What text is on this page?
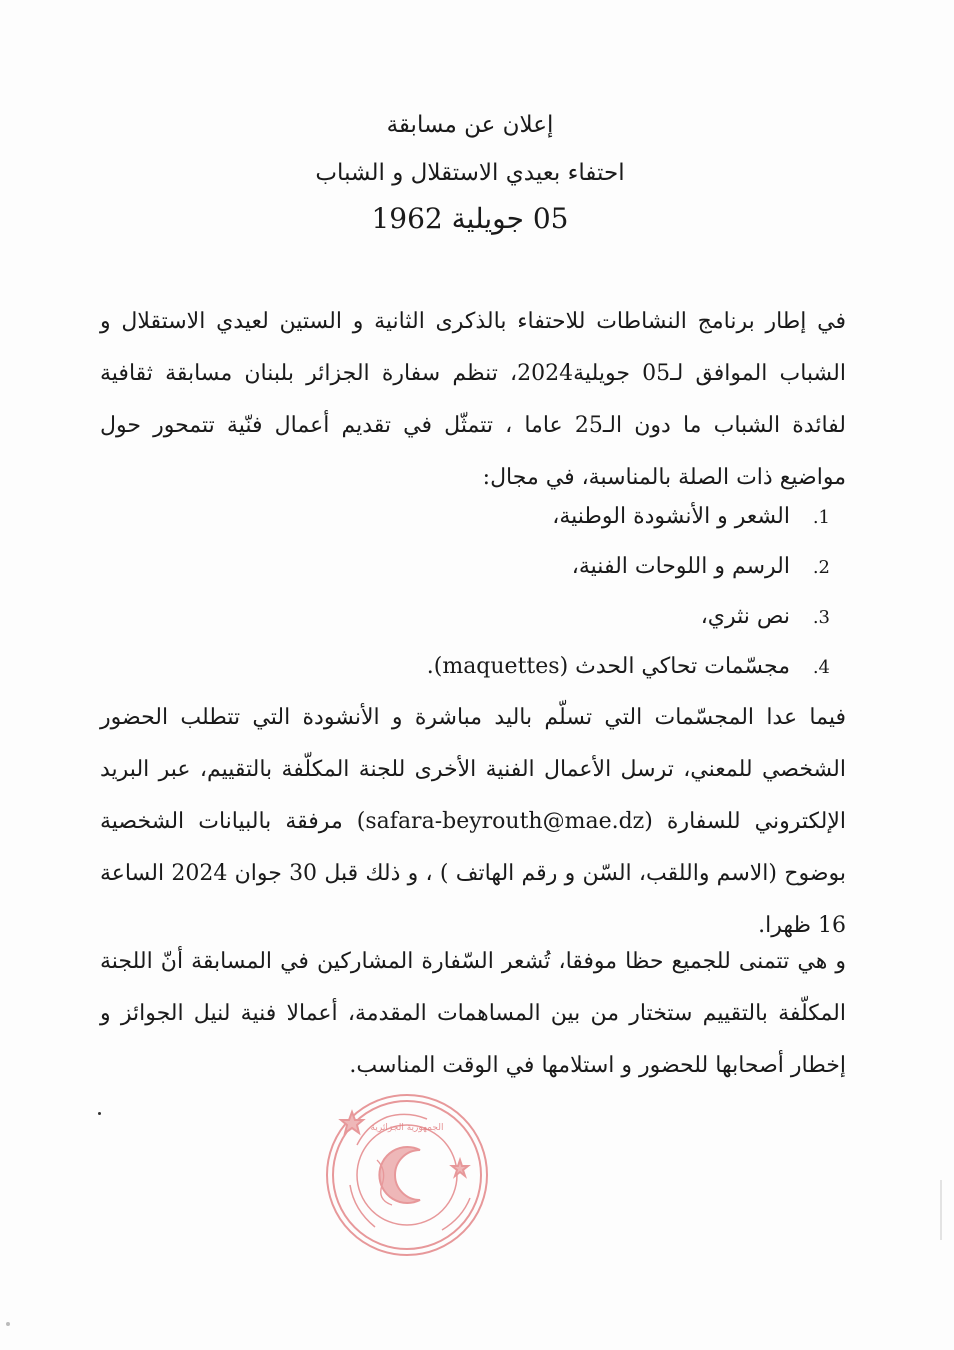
إعلان عن مسابقة
احتفاء بعيدي الاستقلال و الشباب
05 جويلية 1962

في إطار برنامج النشاطات للاحتفاء بالذكرى الثانية و الستين لعيدي الاستقلال و الشباب الموافق لـ05 جويلية2024، تنظم سفارة الجزائر بلبنان مسابقة ثقافية لفائدة الشباب ما دون الـ25 عاما ، تتمثّل في تقديم أعمال فنّية تتمحور حول مواضيع ذات الصلة بالمناسبة، في مجال:

1.الشعر و الأنشودة الوطنية،
2.الرسم و اللوحات الفنية،
3.نص نثري،
4.مجسّمات تحاكي الحدث (maquettes).

فيما عدا المجسّمات التي تسلّم باليد مباشرة و الأنشودة التي تتطلب الحضور الشخصي للمعني، ترسل الأعمال الفنية الأخرى للجنة المكلّفة بالتقييم، عبر البريد الإلكتروني للسفارة (safara-beyrouth@mae.dz) مرفقة بالبيانات الشخصية بوضوح (الاسم واللقب، السّن و رقم الهاتف ) ، و ذلك قبل 30 جوان 2024 الساعة 16 ظهرا.

و هي تتمنى للجميع حظا موفقا، تُشعر السّفارة المشاركين في المسابقة أنّ اللجنة المكلّفة بالتقييم ستختار من بين المساهمات المقدمة، أعمالا فنية لنيل الجوائز و إخطار أصحابها للحضور و استلامها في الوقت المناسب.

الجمهورية الجزائرية
